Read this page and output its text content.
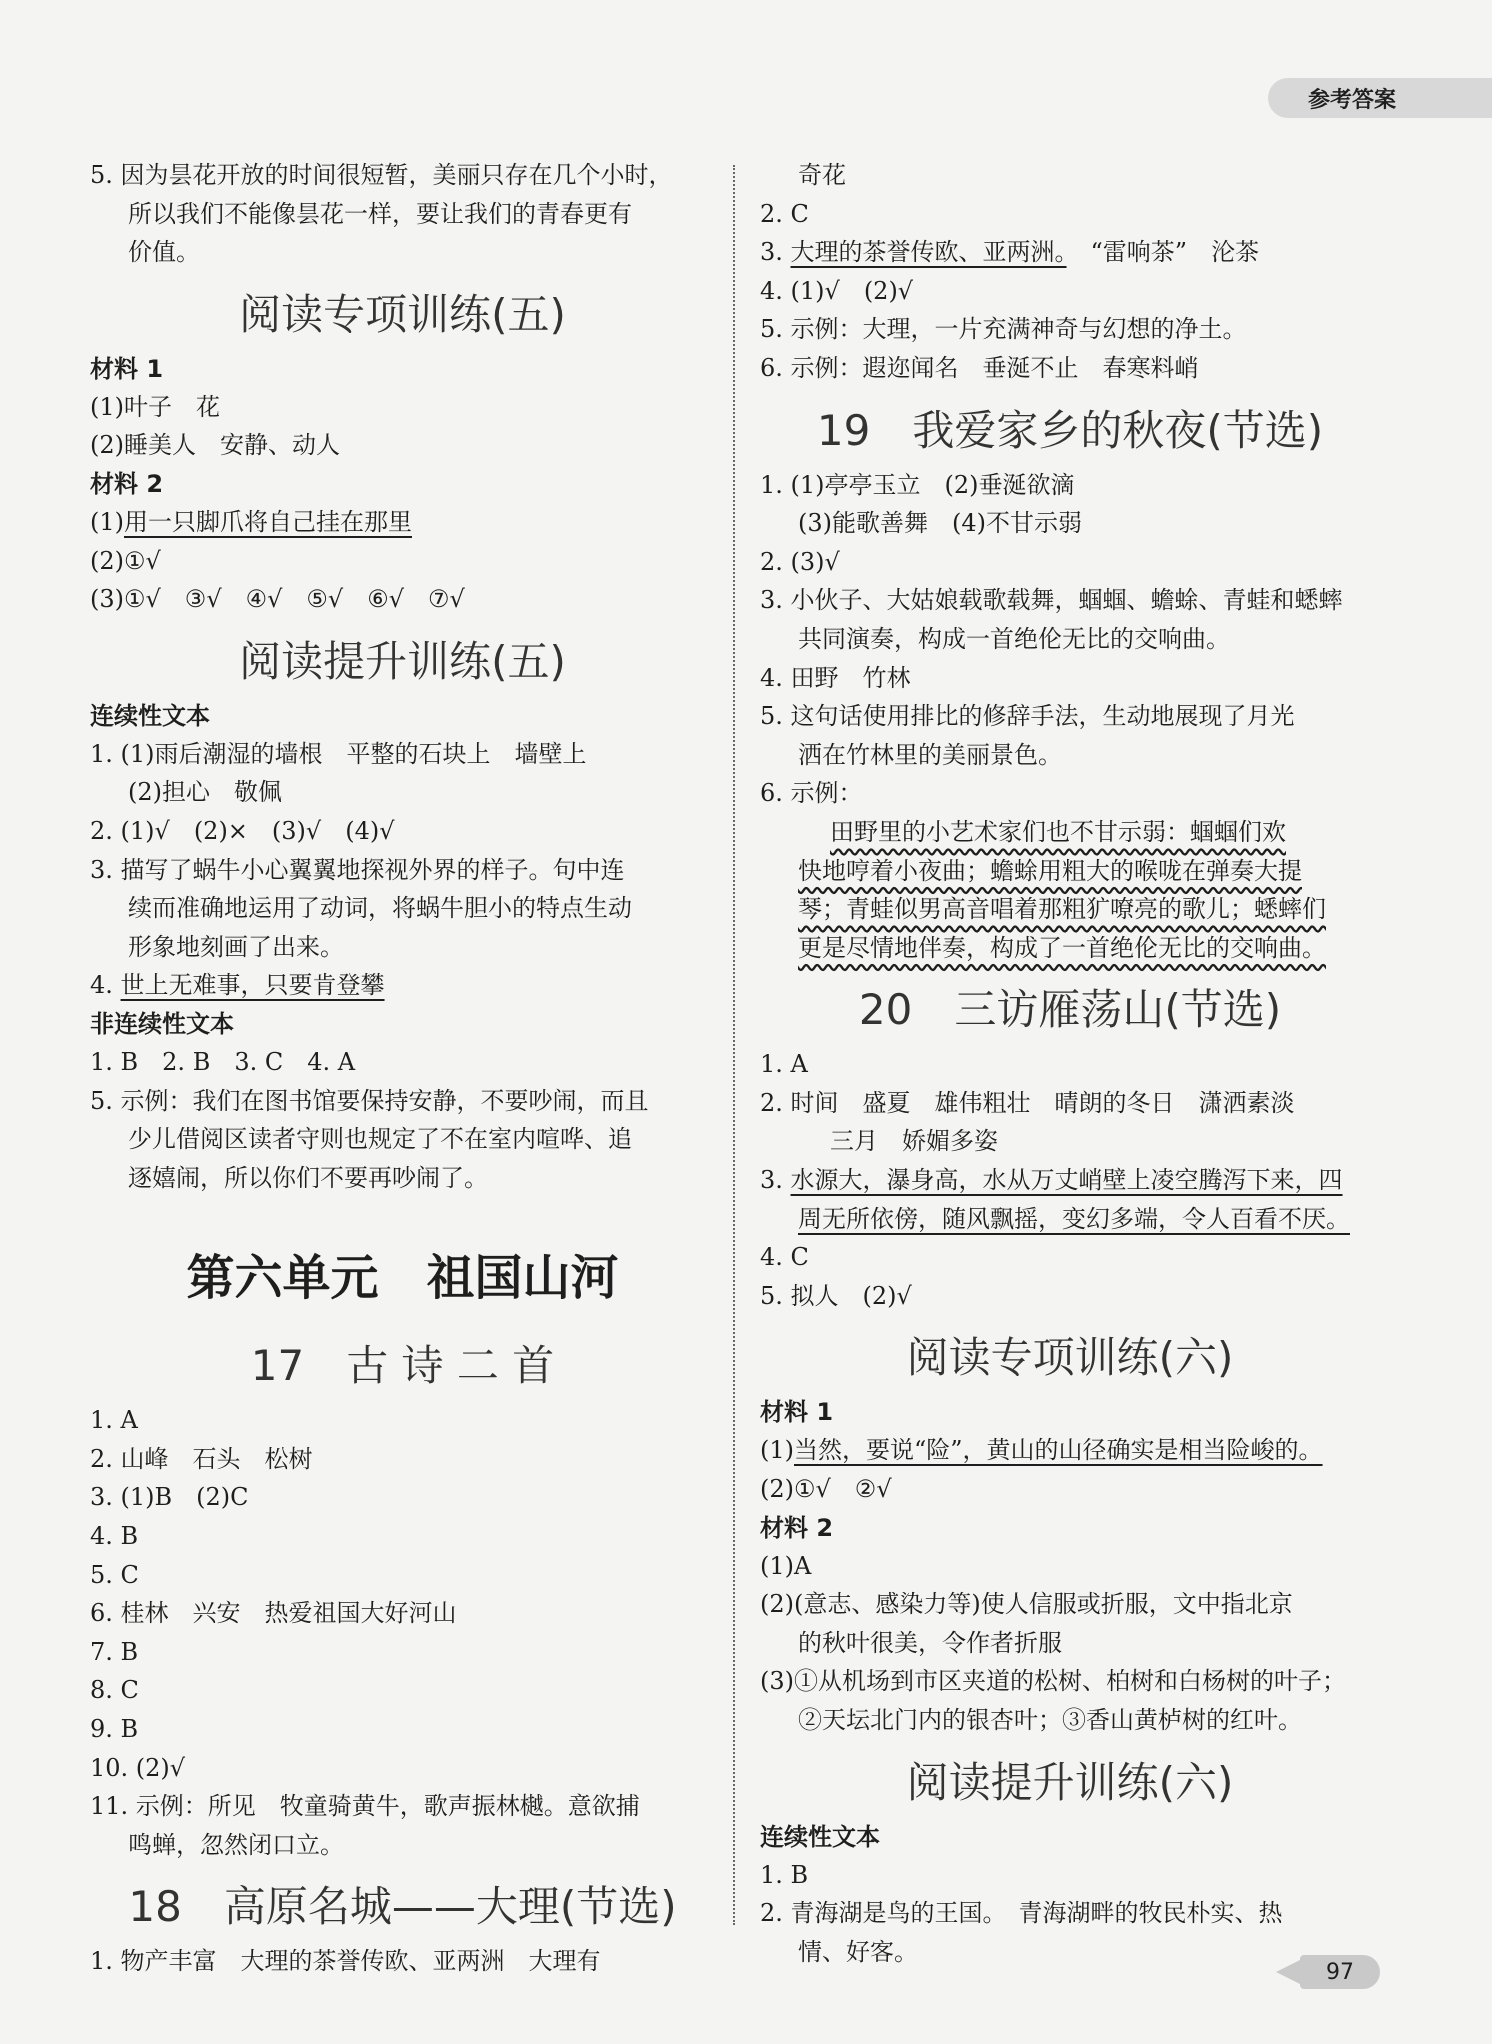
参考答案
5. 因为昙花开放的时间很短暂，美丽只存在几个小时，
所以我们不能像昙花一样，要让我们的青春更有
价值。
阅读专项训练(五)
材料 1
(1)叶子　花
(2)睡美人　安静、动人
材料 2
(1)用一只脚爪将自己挂在那里
(2)①√
(3)①√　③√　④√　⑤√　⑥√　⑦√
阅读提升训练(五)
连续性文本
1. (1)雨后潮湿的墙根　平整的石块上　墙壁上
(2)担心　敬佩
2. (1)√　(2)×　(3)√　(4)√
3. 描写了蜗牛小心翼翼地探视外界的样子。句中连
续而准确地运用了动词，将蜗牛胆小的特点生动
形象地刻画了出来。
4. 世上无难事，只要肯登攀
非连续性文本
1. B　2. B　3. C　4. A
5. 示例：我们在图书馆要保持安静，不要吵闹，而且
少儿借阅区读者守则也规定了不在室内喧哗、追
逐嬉闹，所以你们不要再吵闹了。
第六单元　祖国山河
17　古 诗 二 首
1. A
2. 山峰　石头　松树
3. (1)B　(2)C
4. B
5. C
6. 桂林　兴安　热爱祖国大好河山
7. B
8. C
9. B
10. (2)√
11. 示例：所见　牧童骑黄牛，歌声振林樾。意欲捕
鸣蝉，忽然闭口立。
18　高原名城——大理(节选)
1. 物产丰富　大理的茶誉传欧、亚两洲　大理有
奇花
2. C
3. 大理的茶誉传欧、亚两洲。　“雷响茶”　沦茶
4. (1)√　(2)√
5. 示例：大理，一片充满神奇与幻想的净土。
6. 示例：遐迩闻名　垂涎不止　春寒料峭
19　我爱家乡的秋夜(节选)
1. (1)亭亭玉立　(2)垂涎欲滴
(3)能歌善舞　(4)不甘示弱
2. (3)√
3. 小伙子、大姑娘载歌载舞，蝈蝈、蟾蜍、青蛙和蟋蟀
共同演奏，构成一首绝伦无比的交响曲。
4. 田野　竹林
5. 这句话使用排比的修辞手法，生动地展现了月光
洒在竹林里的美丽景色。
6. 示例：
田野里的小艺术家们也不甘示弱：蝈蝈们欢
快地哼着小夜曲；蟾蜍用粗大的喉咙在弹奏大提
琴；青蛙似男高音唱着那粗犷嘹亮的歌儿；蟋蟀们
更是尽情地伴奏，构成了一首绝伦无比的交响曲。
20　三访雁荡山(节选)
1. A
2. 时间　盛夏　雄伟粗壮　晴朗的冬日　潇洒素淡
三月　娇媚多姿
3. 水源大，瀑身高，水从万丈峭壁上凌空腾泻下来，四
周无所依傍，随风飘摇，变幻多端，令人百看不厌。
4. C
5. 拟人　(2)√
阅读专项训练(六)
材料 1
(1)当然，要说“险”，黄山的山径确实是相当险峻的。
(2)①√　②√
材料 2
(1)A
(2)(意志、感染力等)使人信服或折服，文中指北京
的秋叶很美，令作者折服
(3)①从机场到市区夹道的松树、柏树和白杨树的叶子；
②天坛北门内的银杏叶；③香山黄栌树的红叶。
阅读提升训练(六)
连续性文本
1. B
2. 青海湖是鸟的王国。　青海湖畔的牧民朴实、热
情、好客。
97
